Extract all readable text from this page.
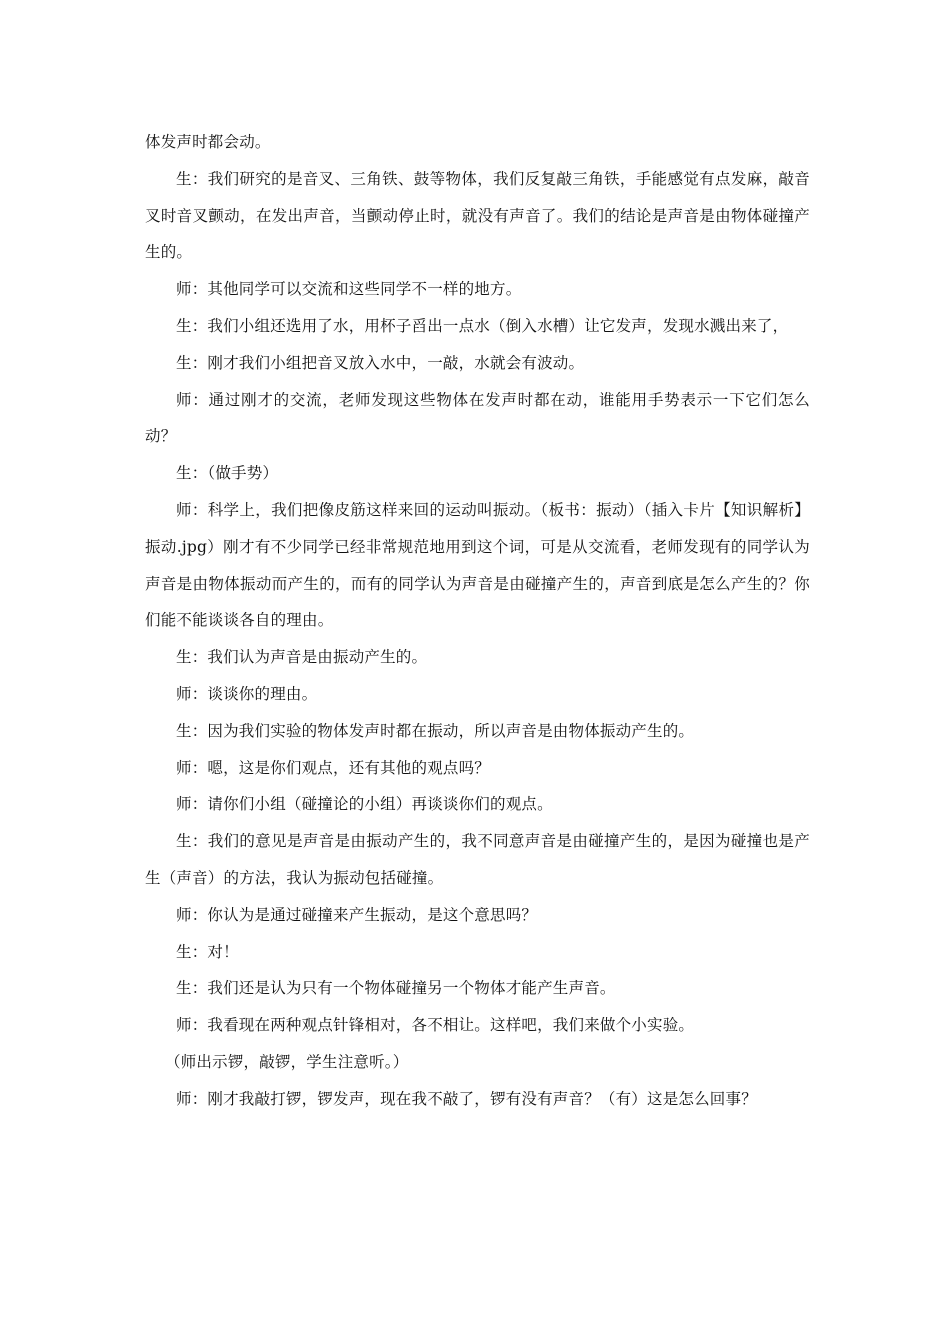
体发声时都会动。

生：我们研究的是音叉、三角铁、鼓等物体，我们反复敲三角铁，手能感觉有点发麻，敲音叉时音叉颤动，在发出声音，当颤动停止时，就没有声音了。我们的结论是声音是由物体碰撞产生的。

师：其他同学可以交流和这些同学不一样的地方。

生：我们小组还选用了水，用杯子舀出一点水（倒入水槽）让它发声，发现水溅出来了，

生：刚才我们小组把音叉放入水中，一敲，水就会有波动。

师：通过刚才的交流，老师发现这些物体在发声时都在动，谁能用手势表示一下它们怎么动？

生：（做手势）

师：科学上，我们把像皮筋这样来回的运动叫振动。（板书：振动）（插入卡片【知识解析】振动.jpg）刚才有不少同学已经非常规范地用到这个词，可是从交流看，老师发现有的同学认为声音是由物体振动而产生的，而有的同学认为声音是由碰撞产生的，声音到底是怎么产生的？你们能不能谈谈各自的理由。

生：我们认为声音是由振动产生的。

师：谈谈你的理由。

生：因为我们实验的物体发声时都在振动，所以声音是由物体振动产生的。

师：嗯，这是你们观点，还有其他的观点吗？

师：请你们小组（碰撞论的小组）再谈谈你们的观点。

生：我们的意见是声音是由振动产生的，我不同意声音是由碰撞产生的，是因为碰撞也是产生（声音）的方法，我认为振动包括碰撞。

师：你认为是通过碰撞来产生振动，是这个意思吗？

生：对！

生：我们还是认为只有一个物体碰撞另一个物体才能产生声音。

师：我看现在两种观点针锋相对，各不相让。这样吧，我们来做个小实验。

（师出示锣，敲锣，学生注意听。）

师：刚才我敲打锣，锣发声，现在我不敲了，锣有没有声音？（有）这是怎么回事？
